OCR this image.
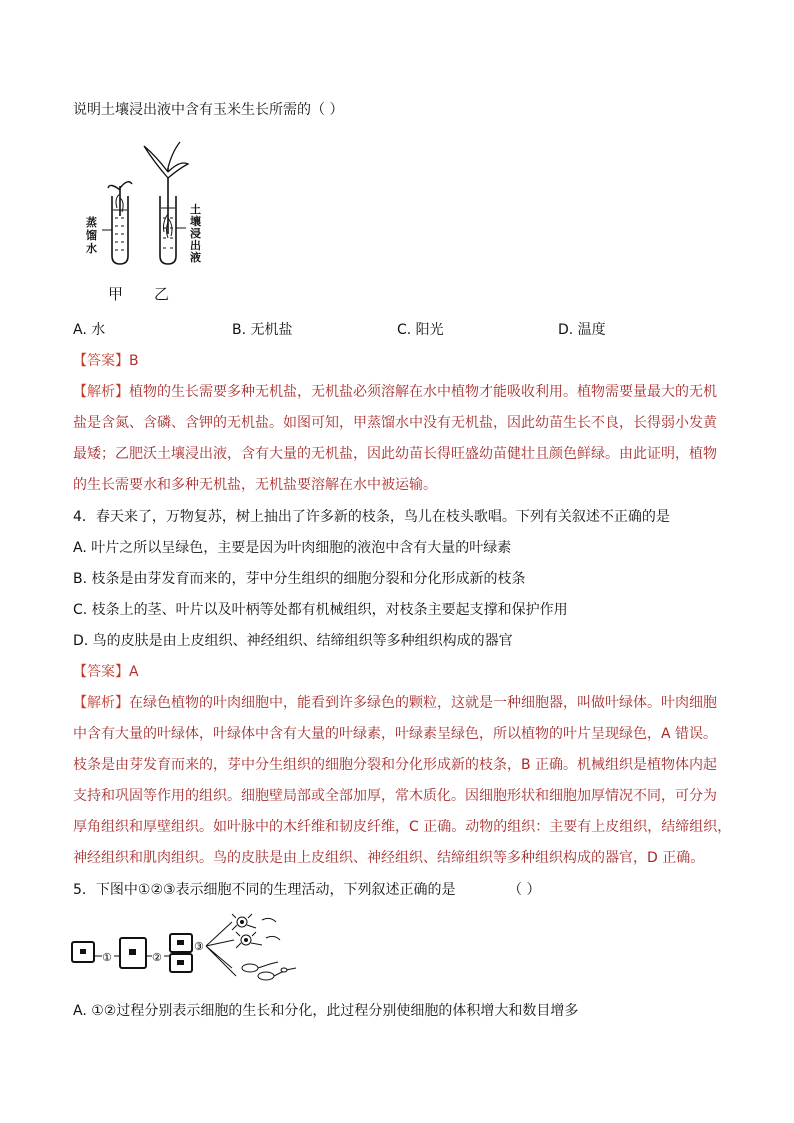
说明土壤浸出液中含有玉米生长所需的（ ）
蒸馏水
土壤浸出液
甲 乙
A. 水	B. 无机盐	C. 阳光	D. 温度
【答案】B
【解析】植物的生长需要多种无机盐，无机盐必须溶解在水中植物才能吸收利用。植物需要量最大的无机
盐是含氮、含磷、含钾的无机盐。如图可知，甲蒸馏水中没有无机盐，因此幼苗生长不良，长得弱小发黄
最矮；乙肥沃土壤浸出液，含有大量的无机盐，因此幼苗长得旺盛幼苗健壮且颜色鲜绿。由此证明，植物
的生长需要水和多种无机盐，无机盐要溶解在水中被运输。
4．春天来了，万物复苏，树上抽出了许多新的枝条，鸟儿在枝头歌唱。下列有关叙述不正确的是
A. 叶片之所以呈绿色，主要是因为叶肉细胞的液泡中含有大量的叶绿素
B. 枝条是由芽发育而来的，芽中分生组织的细胞分裂和分化形成新的枝条
C. 枝条上的茎、叶片以及叶柄等处都有机械组织，对枝条主要起支撑和保护作用
D. 鸟的皮肤是由上皮组织、神经组织、结缔组织等多种组织构成的器官
【答案】A
【解析】在绿色植物的叶肉细胞中，能看到许多绿色的颗粒，这就是一种细胞器，叫做叶绿体。叶肉细胞
中含有大量的叶绿体，叶绿体中含有大量的叶绿素，叶绿素呈绿色，所以植物的叶片呈现绿色，A 错误。
枝条是由芽发育而来的，芽中分生组织的细胞分裂和分化形成新的枝条，B 正确。机械组织是植物体内起
支持和巩固等作用的组织。细胞壁局部或全部加厚，常木质化。因细胞形状和细胞加厚情况不同，可分为
厚角组织和厚壁组织。如叶脉中的木纤维和韧皮纤维，C 正确。动物的组织：主要有上皮组织，结缔组织，
神经组织和肌肉组织。鸟的皮肤是由上皮组织、神经组织、结缔组织等多种组织构成的器官，D 正确。
5．下图中①②③表示细胞不同的生理活动，下列叙述正确的是	（ ）
①	②
③
A. ①②过程分别表示细胞的生长和分化，此过程分别使细胞的体积增大和数目增多
